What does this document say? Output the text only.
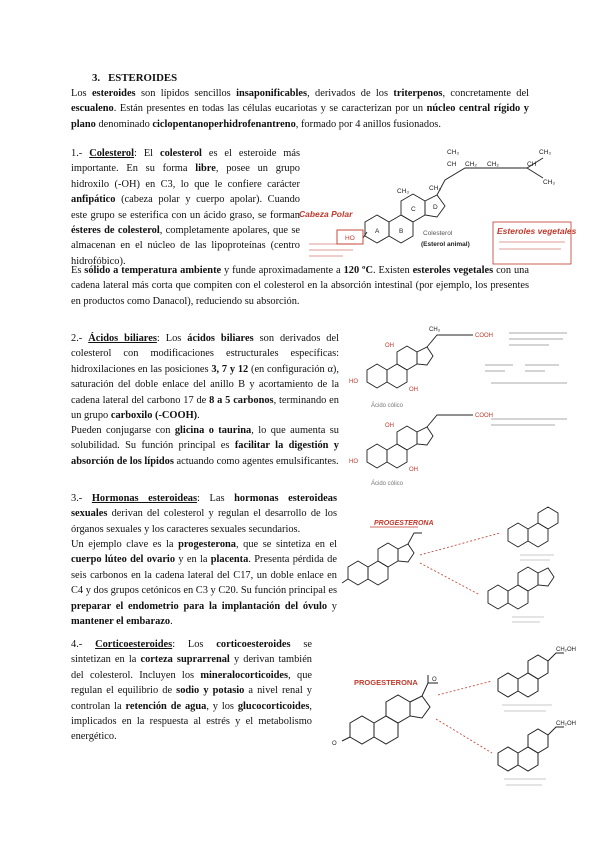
3. ESTEROIDES
Los esteroides son lípidos sencillos insaponificables, derivados de los triterpenos, concretamente del escualeno. Están presentes en todas las células eucariotas y se caracterizan por un núcleo central rígido y plano denominado ciclopentanoperhidrofenantreno, formado por 4 anillos fusionados.
1.- Colesterol: El colesterol es el esteroide más importante. En su forma libre, posee un grupo hidroxilo (-OH) en C3, lo que le confiere carácter anfipático (cabeza polar y cuerpo apolar). Cuando este grupo se esterifica con un ácido graso, se forman ésteres de colesterol, completamente apolares, que se almacenan en el núcleo de las lipoproteínas (centro hidrofóbico).
Es sólido a temperatura ambiente y funde aproximadamente a 120 ºC. Existen esteroles vegetales con una cadena lateral más corta que compiten con el colesterol en la absorción intestinal (por ejemplo, los presentes en productos como Danacol), reduciendo su absorción.
A	B
C	D
CH₃	CH₃
CH₃	CH₃
CH₃
CH₂ CH₂
CH	CH
HO
Colesterol
(Esterol animal)
Cabeza Polar
Esteroles vegetales
2.- Ácidos biliares: Los ácidos biliares son derivados del colesterol con modificaciones estructurales específicas: hidroxilaciones en las posiciones 3, 7 y 12 (en configuración α), saturación del doble enlace del anillo B y acortamiento de la cadena lateral del carbono 17 de 8 a 5 carbonos, terminando en un grupo carboxilo (-COOH).
Pueden conjugarse con glicina o taurina, lo que aumenta su solubilidad. Su función principal es facilitar la digestión y absorción de los lípidos actuando como agentes emulsificantes.
HO
OH
OH
CH₃
COOH
Ácido cólico
HO
OH
OH
COOH
Ácido cólico
3.- Hormonas esteroideas: Las hormonas esteroideas sexuales derivan del colesterol y regulan el desarrollo de los órganos sexuales y los caracteres sexuales secundarios.
Un ejemplo clave es la progesterona, que se sintetiza en el cuerpo lúteo del ovario y en la placenta. Presenta pérdida de seis carbonos en la cadena lateral del C17, un doble enlace en C4 y dos grupos cetónicos en C3 y C20. Su función principal es preparar el endometrio para la implantación del óvulo y mantener el embarazo.
PROGESTERONA
4.- Corticoesteroides: Los corticoesteroides se sintetizan en la corteza suprarrenal y derivan también del colesterol. Incluyen los mineralocorticoides, que regulan el equilibrio de sodio y potasio a nivel renal y controlan la retención de agua, y los glucocorticoides, implicados en la respuesta al estrés y el metabolismo energético.
PROGESTERONA
CH₂OH
CH₂OH
O
O
